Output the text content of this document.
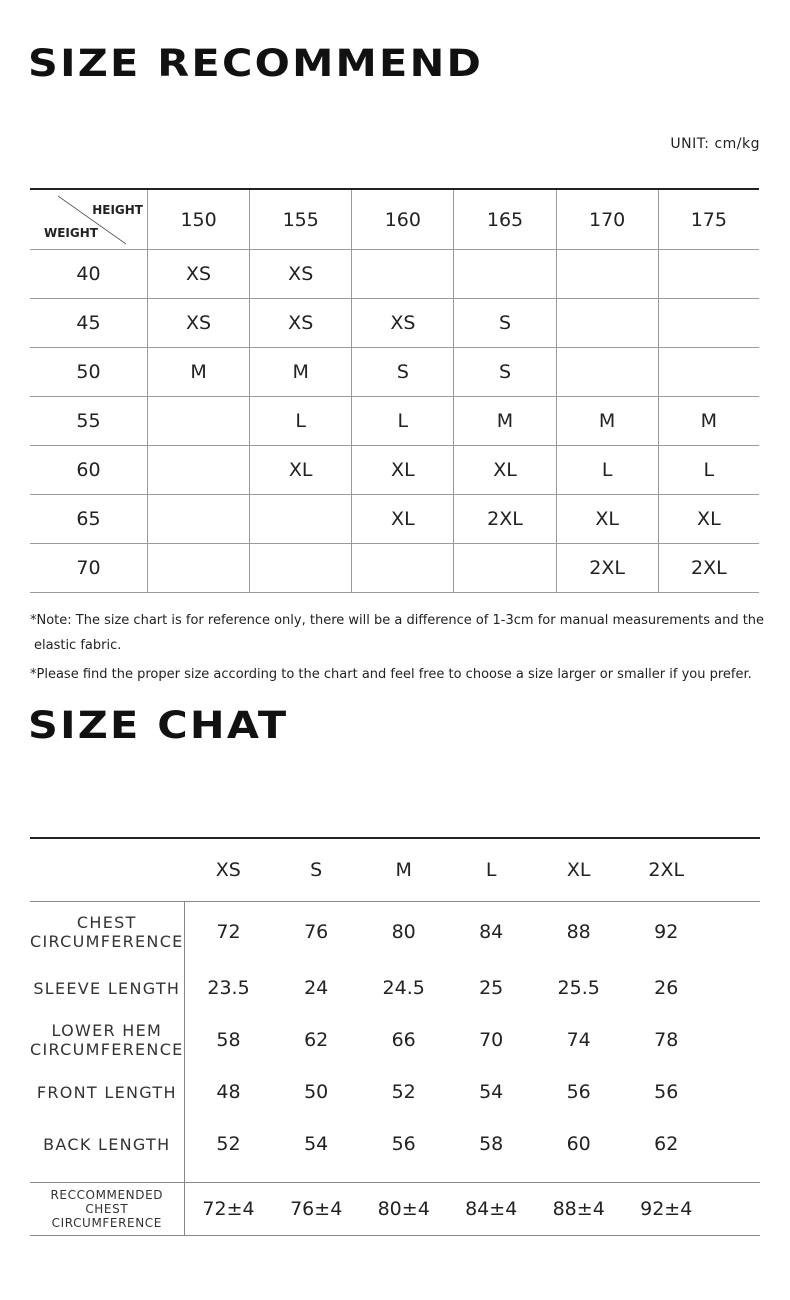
SIZE RECOMMEND
UNIT: cm/kg
HEIGHT
WEIGHT	150	155	160	165	170	175
40	XS	XS				
45	XS	XS	XS	S		
50	M	M	S	S		
55		L	L	M	M	M
60		XL	XL	XL	L	L
65			XL	2XL	XL	XL
70					2XL	2XL
*Note: The size chart is for reference only, there will be a difference of 1-3cm for manual measurements and the
elastic fabric.
*Please find the proper size according to the chart and feel free to choose a size larger or smaller if you prefer.
SIZE CHAT
	XS	S	M	L	XL	2XL	

CHEST
CIRCUMFERENCE	72	76	80	84	88	92	

SLEEVE LENGTH	23.5	24	24.5	25	25.5	26	

LOWER HEM
CIRCUMFERENCE	58	62	66	70	74	78	

FRONT LENGTH	48	50	52	54	56	56	

BACK LENGTH	52	54	56	58	60	62	

RECCOMMENDED
CHEST CIRCUMFERENCE	72±4	76±4	80±4	84±4	88±4	92±4	
